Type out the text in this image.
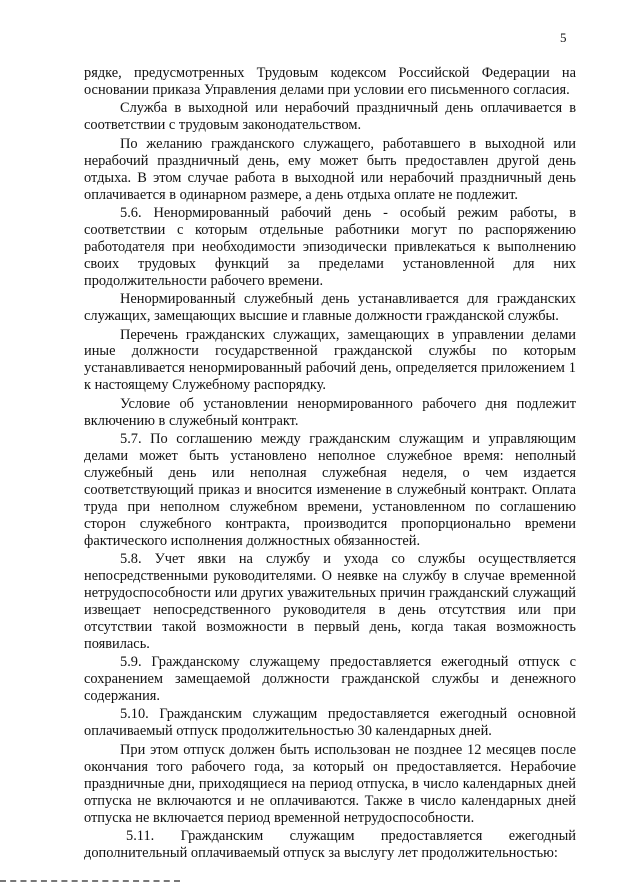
5

рядке, предусмотренных Трудовым кодексом Российской Федерации на основании приказа Управления делами при условии его письменного согласия.

Служба в выходной или нерабочий праздничный день оплачивается в соответствии с трудовым законодательством.

По желанию гражданского служащего, работавшего в выходной или нерабочий праздничный день, ему может быть предоставлен другой день отдыха. В этом случае работа в выходной или нерабочий праздничный день оплачивается в одинарном размере, а день отдыха оплате не подлежит.

5.6. Ненормированный рабочий день - особый режим работы, в соответствии с которым отдельные работники могут по распоряжению работодателя при необходимости эпизодически привлекаться к выполнению своих трудовых функций за пределами установленной для них продолжительности рабочего времени.

Ненормированный служебный день устанавливается для гражданских служащих, замещающих высшие и главные должности гражданской службы.

Перечень гражданских служащих, замещающих в управлении делами иные должности государственной гражданской службы по которым устанавливается ненормированный рабочий день, определяется приложением 1 к настоящему Служебному распорядку.

Условие об установлении ненормированного рабочего дня подлежит включению в служебный контракт.

5.7. По соглашению между гражданским служащим и управляющим делами может быть установлено неполное служебное время: неполный служебный день или неполная служебная неделя, о чем издается соответствующий приказ и вносится изменение в служебный контракт. Оплата труда при неполном служебном времени, установленном по соглашению сторон служебного контракта, производится пропорционально времени фактического исполнения должностных обязанностей.

5.8. Учет явки на службу и ухода со службы осуществляется непосредственными руководителями. О неявке на службу в случае временной нетрудоспособности или других уважительных причин гражданский служащий извещает непосредственного руководителя в день отсутствия или при отсутствии такой возможности в первый день, когда такая возможность появилась.

5.9. Гражданскому служащему предоставляется ежегодный отпуск с сохранением замещаемой должности гражданской службы и денежного содержания.

5.10. Гражданским служащим предоставляется ежегодный основной оплачиваемый отпуск продолжительностью 30 календарных дней.

При этом отпуск должен быть использован не позднее 12 месяцев после окончания того рабочего года, за который он предоставляется. Нерабочие праздничные дни, приходящиеся на период отпуска, в число календарных дней отпуска не включаются и не оплачиваются. Также в число календарных дней отпуска не включается период временной нетрудоспособности.

5.11. Гражданским служащим предоставляется ежегодный дополнительный оплачиваемый отпуск за выслугу лет продолжительностью:
